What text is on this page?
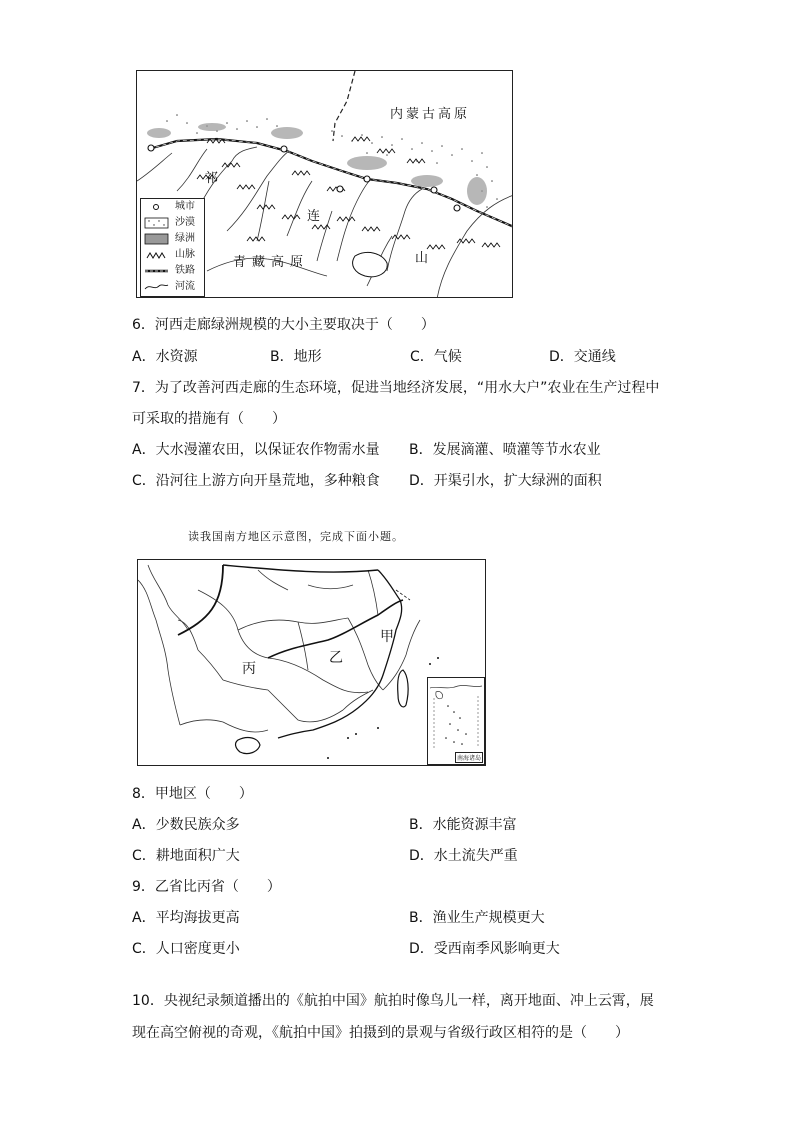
内蒙古高原
青藏高原
祁
连
山
城市
沙漠
绿洲
山脉
铁路
河流
6．河西走廊绿洲规模的大小主要取决于（　　）
A．水资源	B．地形	C．气候	D．交通线
7．为了改善河西走廊的生态环境，促进当地经济发展，“用水大户”农业在生产过程中
可采取的措施有（　　）
A．大水漫灌农田，以保证农作物需水量 B．发展滴灌、喷灌等节水农业
C．沿河往上游方向开垦荒地，多种粮食 D．开渠引水，扩大绿洲的面积
读我国南方地区示意图，完成下面小题。
丙
乙
甲
南海诸岛
8．甲地区（　　）
A．少数民族众多	B．水能资源丰富
C．耕地面积广大	D．水土流失严重
9．乙省比丙省（　　）
A．平均海拔更高	B．渔业生产规模更大
C．人口密度更小	D．受西南季风影响更大
10．央视纪录频道播出的《航拍中国》航拍时像鸟儿一样，离开地面、冲上云霄，展
现在高空俯视的奇观，《航拍中国》拍摄到的景观与省级行政区相符的是（　　）
